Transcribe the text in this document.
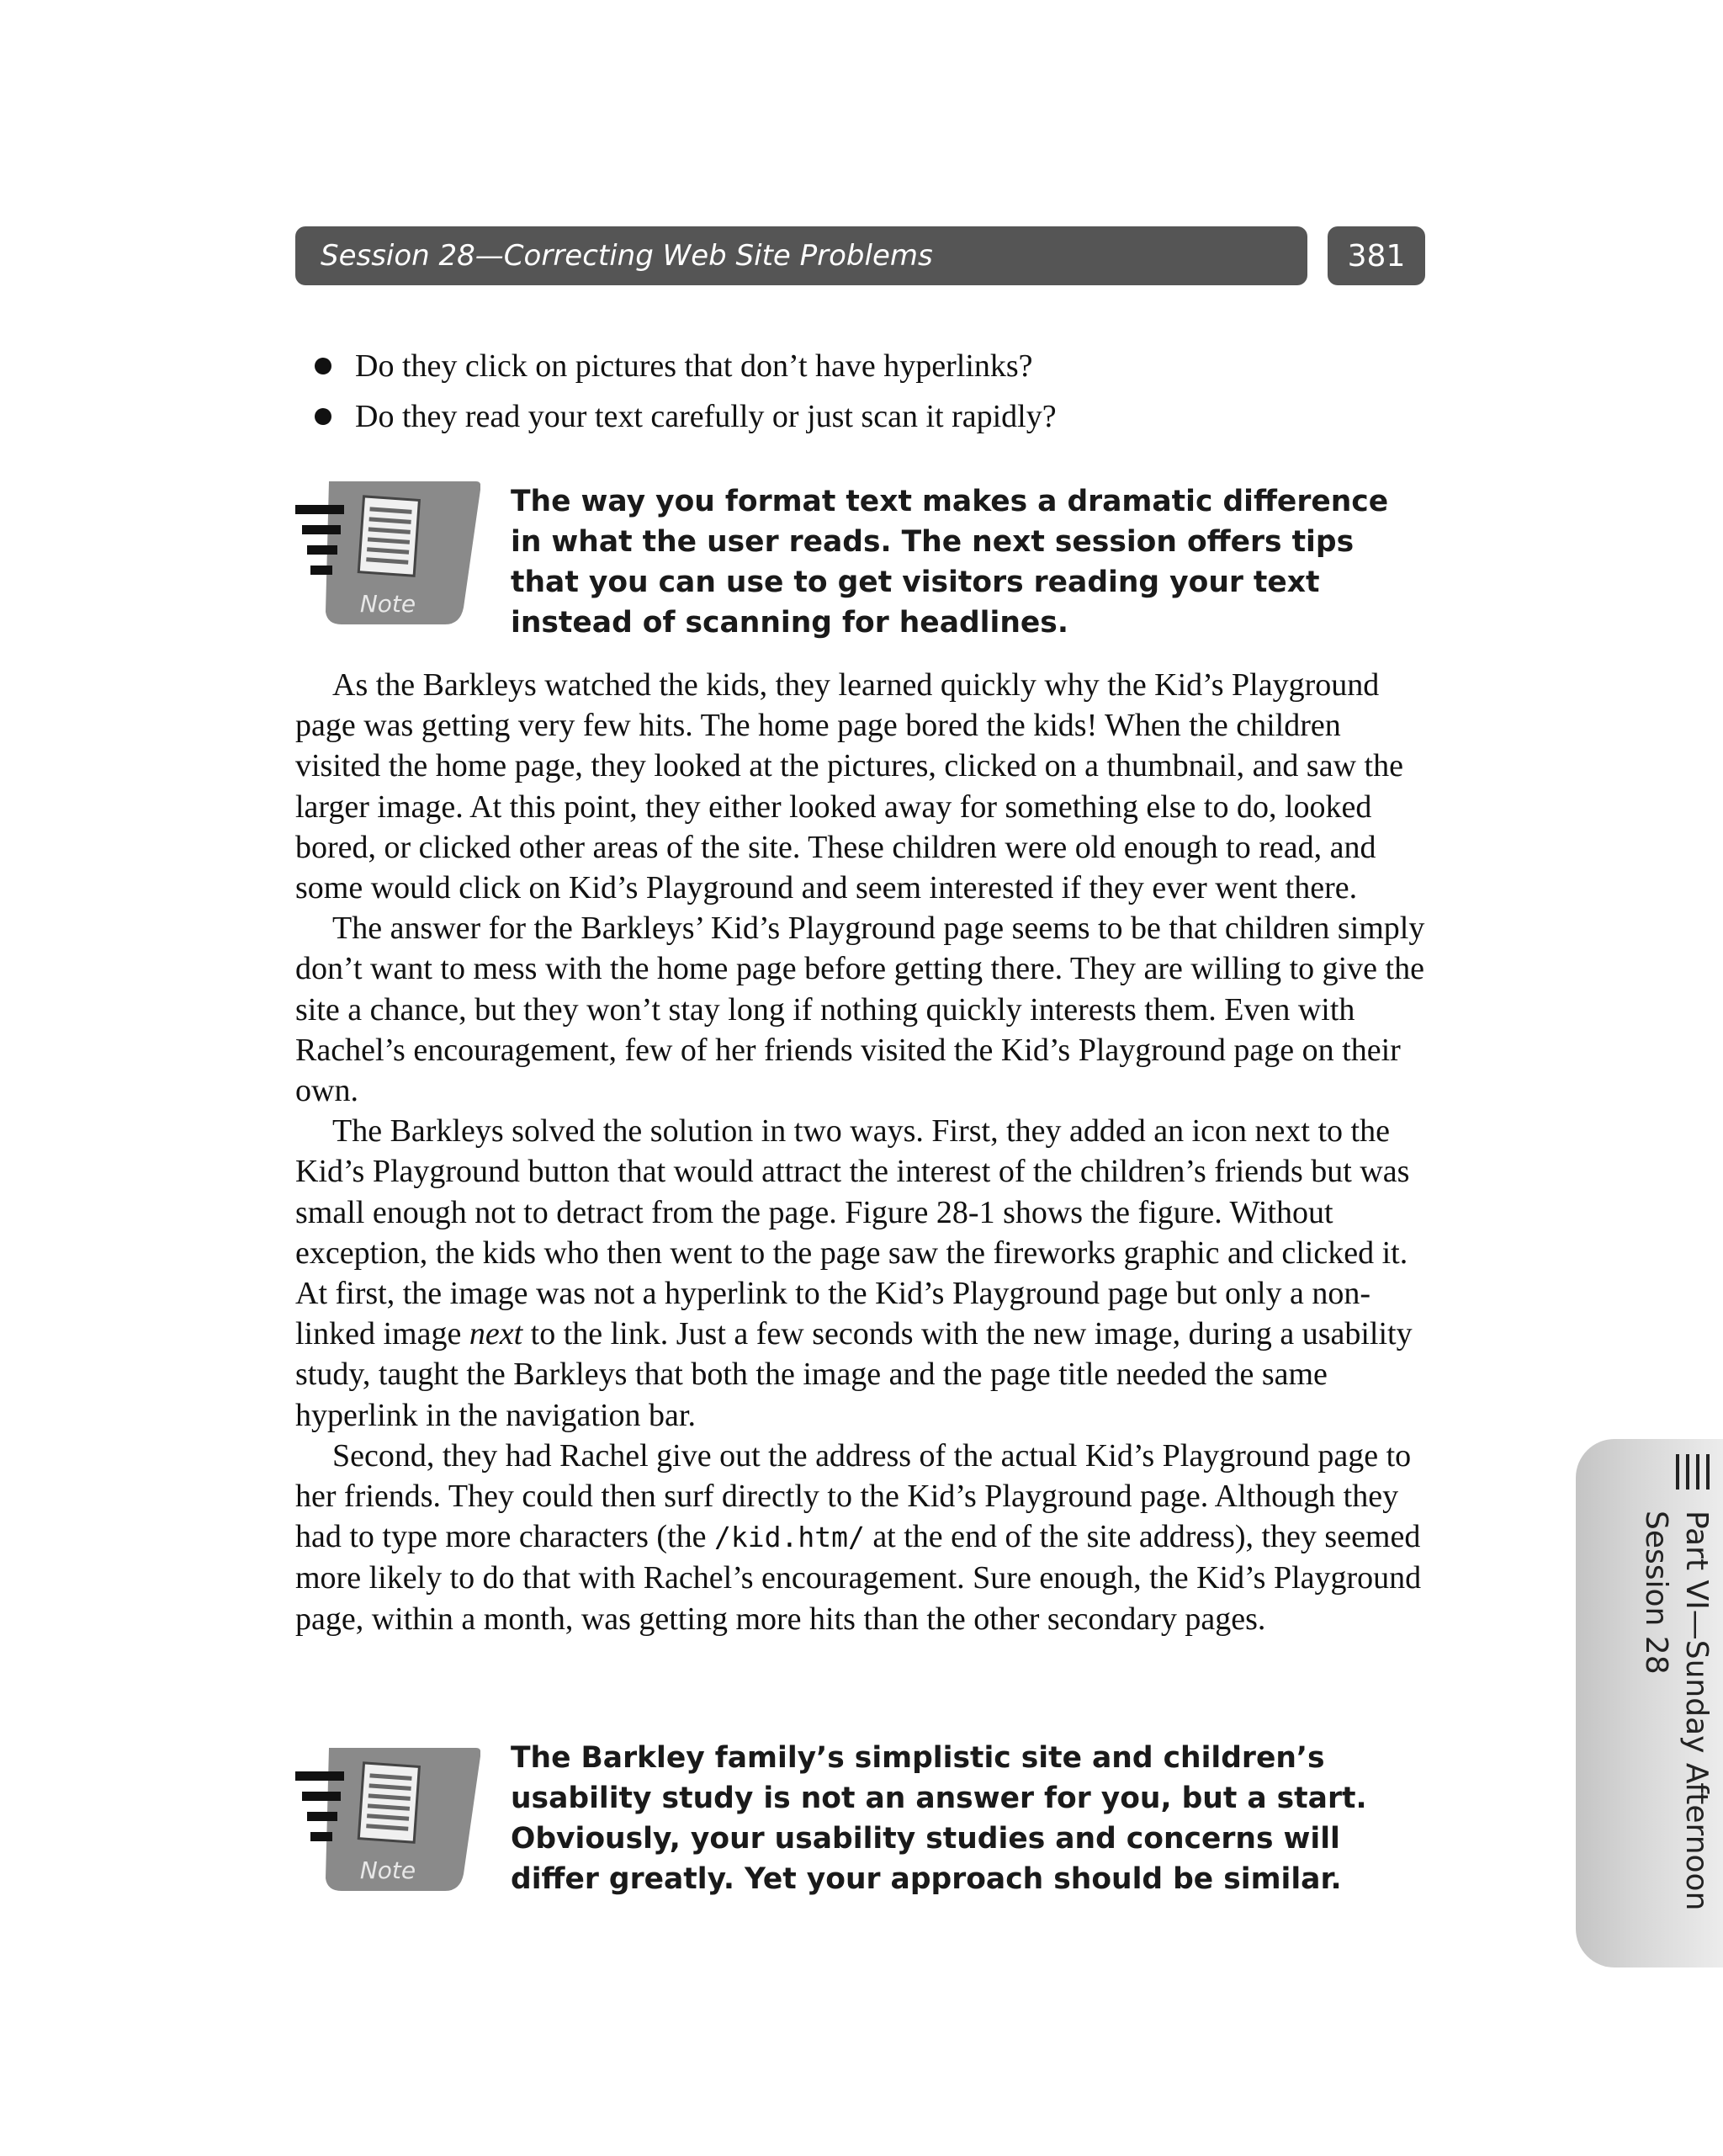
Session 28—Correcting Web Site Problems	381
Do they click on pictures that don’t have hyperlinks?
Do they read your text carefully or just scan it rapidly?
Note
The way you format text makes a dramatic difference in what the user reads. The next session offers tips that you can use to get visitors reading your text instead of scanning for headlines.

As the Barkleys watched the kids, they learned quickly why the Kid’s Playground page was getting very few hits. The home page bored the kids! When the children visited the home page, they looked at the pictures, clicked on a thumbnail, and saw the larger image. At this point, they either looked away for something else to do, looked bored, or clicked other areas of the site. These children were old enough to read, and some would click on Kid’s Playground and seem interested if they ever went there.

The answer for the Barkleys’ Kid’s Playground page seems to be that children simply don’t want to mess with the home page before getting there. They are willing to give the site a chance, but they won’t stay long if nothing quickly interests them. Even with Rachel’s encouragement, few of her friends visited the Kid’s Playground page on their own.

The Barkleys solved the solution in two ways. First, they added an icon next to the Kid’s Playground button that would attract the interest of the children’s friends but was small enough not to detract from the page. Figure 28-1 shows the figure. Without exception, the kids who then went to the page saw the fireworks graphic and clicked it. At first, the image was not a hyperlink to the Kid’s Playground page but only a non-linked image next to the link. Just a few seconds with the new image, during a usability study, taught the Barkleys that both the image and the page title needed the same hyperlink in the navigation bar.

Second, they had Rachel give out the address of the actual Kid’s Playground page to her friends. They could then surf directly to the Kid’s Playground page. Although they had to type more characters (the /kid.htm/ at the end of the site address), they seemed more likely to do that with Rachel’s encouragement. Sure enough, the Kid’s Playground page, within a month, was getting more hits than the other secondary pages.

Note
The Barkley family’s simplistic site and children’s usability study is not an answer for you, but a start. Obviously, your usability studies and concerns will differ greatly. Yet your approach should be similar.	Part VI—Sunday Afternoon
Session 28
